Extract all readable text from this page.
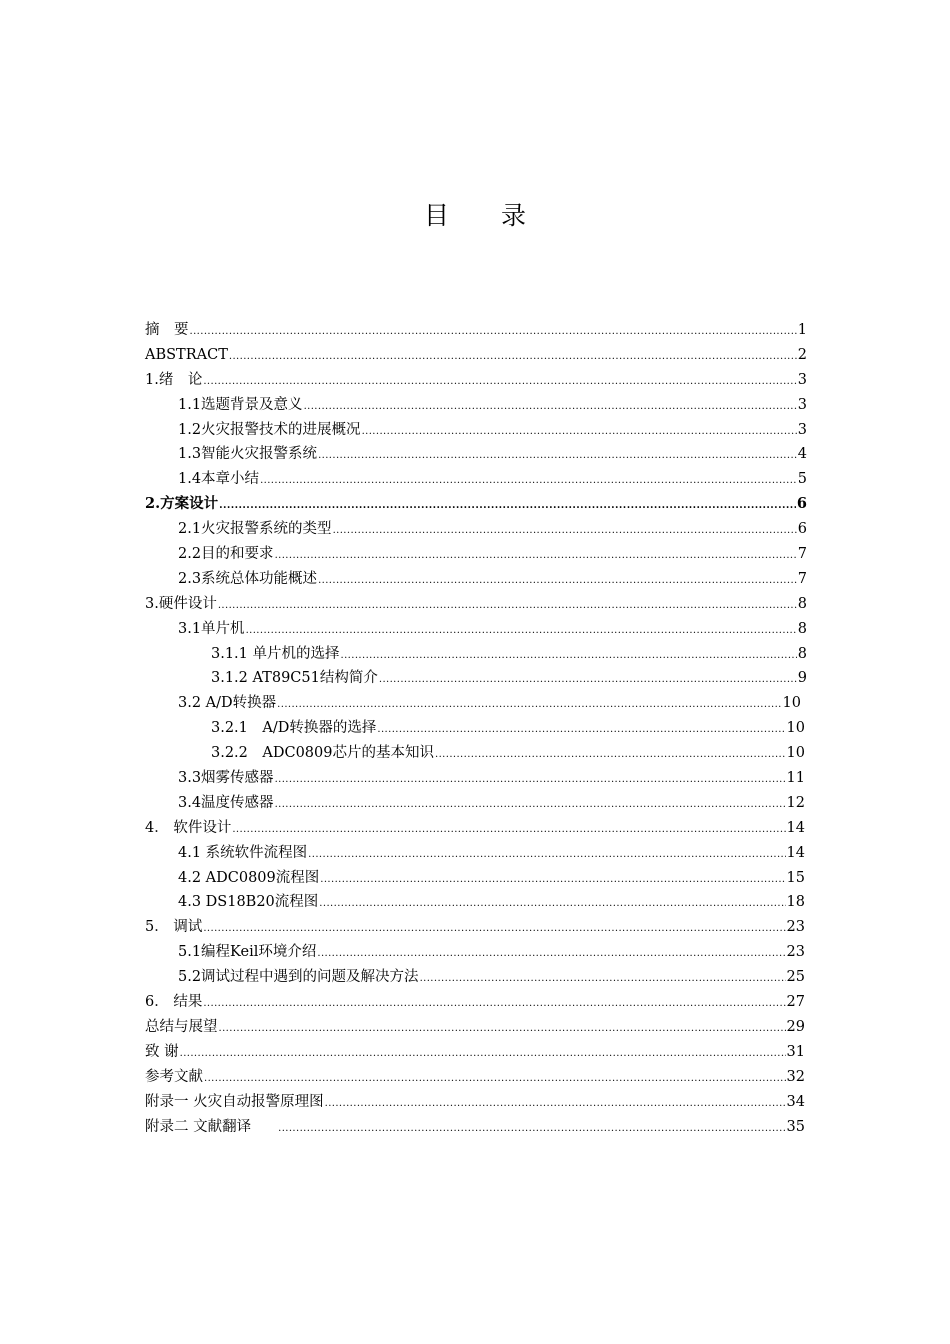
目 录
摘　要 .....	1
ABSTRACT .....	2
1.绪　论 .....	3
1.1选题背景及意义 .....	3
1.2火灾报警技术的进展概况 .....	3
1.3智能火灾报警系统 .....	4
1.4本章小结 .....	5
2.方案设计 .....	6
2.1火灾报警系统的类型 .....	6
2.2目的和要求 .....	7
2.3系统总体功能概述 .....	7
3.硬件设计 .....	8
3.1单片机 .....	8
3.1.1 单片机的选择 .....	8
3.1.2 AT89C51结构简介 .....	9
3.2 A/D转换器 .....	10
3.2.1　A/D转换器的选择 .....	10
3.2.2　ADC0809芯片的基本知识 .....	10
3.3烟雾传感器 .....	11
3.4温度传感器 .....	12
4． 软件设计 .....	14
4.1 系统软件流程图 .....	14
4.2 ADC0809流程图 .....	15
4.3 DS18B20流程图 .....	18
5． 调试 .....	23
5.1编程Keil环境介绍 .....	23
5.2调试过程中遇到的问题及解决方法 .....	25
6． 结果 .....	27
总结与展望 .....	29
致 谢 .....	31
参考文献 .....	32
附录一 火灾自动报警原理图 .....	34
附录二 文献翻译 .....	35
